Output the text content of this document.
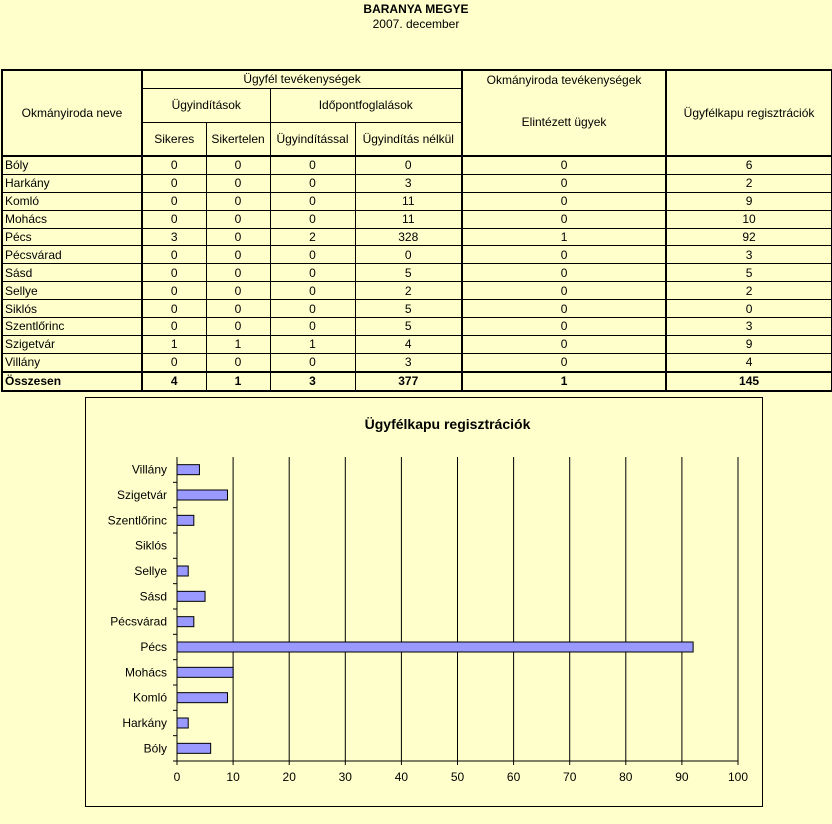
BARANYA MEGYE
2007. december
Okmányiroda neve	Ügyfél tevékenységek				Okmányiroda tevékenységek	Ügyfélkapu regisztrációk
	Ügyindítások		Időpontfoglalások		Elintézett ügyek	
	Sikeres	Sikertelen	Ügyindítással	Ügyindítás nélkül		
Bóly	0	0	0	0	0	6
Harkány	0	0	0	3	0	2
Komló	0	0	0	11	0	9
Mohács	0	0	0	11	0	10
Pécs	3	0	2	328	1	92
Pécsvárad	0	0	0	0	0	3
Sásd	0	0	0	5	0	5
Sellye	0	0	0	2	0	2
Siklós	0	0	0	5	0	0
Szentlőrinc	0	0	0	5	0	3
Szigetvár	1	1	1	4	0	9
Villány	0	0	0	3	0	4
Összesen	4	1	3	377	1	145
Ügyfélkapu regisztrációk
0	10	20	30	40	50	60	70	80	90	100
Bóly
Harkány
Komló
Mohács
Pécs
Pécsvárad
Sásd
Sellye
Siklós
Szentlőrinc
Szigetvár
Villány
